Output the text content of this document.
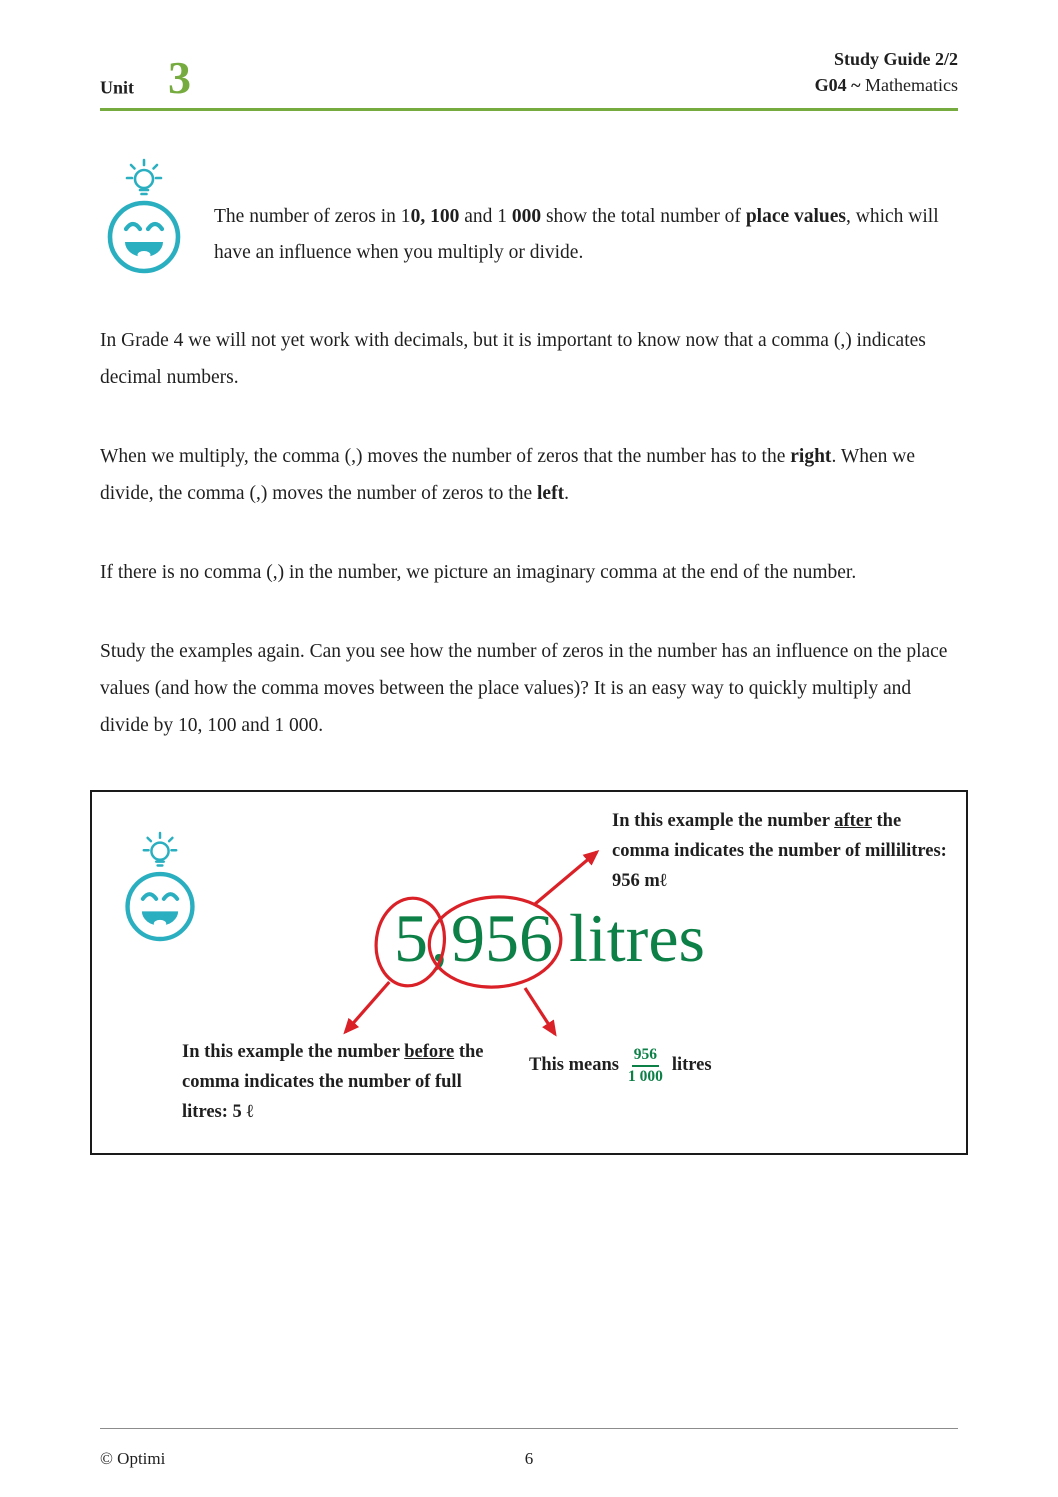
Unit 3	Study Guide 2/2
G04 ~ Mathematics

The number of zeros in 10, 100 and 1 000 show the total number of place values, which will have an influence when you multiply or divide.

In Grade 4 we will not yet work with decimals, but it is important to know now that a comma (,) indicates decimal numbers.

When we multiply, the comma (,) moves the number of zeros that the number has to the right. When we divide, the comma (,) moves the number of zeros to the left.

If there is no comma (,) in the number, we picture an imaginary comma at the end of the number.

Study the examples again. Can you see how the number of zeros in the number has an influence on the place values (and how the comma moves between the place values)? It is an easy way to quickly multiply and divide by 10, 100 and 1 000.

In this example the number after the comma indicates the number of millilitres: 956 mℓ
5,956 litres
In this example the number before the comma indicates the number of full litres: 5 ℓ
This means $\frac{956}{1 000}$ litres
© Optimi	6
